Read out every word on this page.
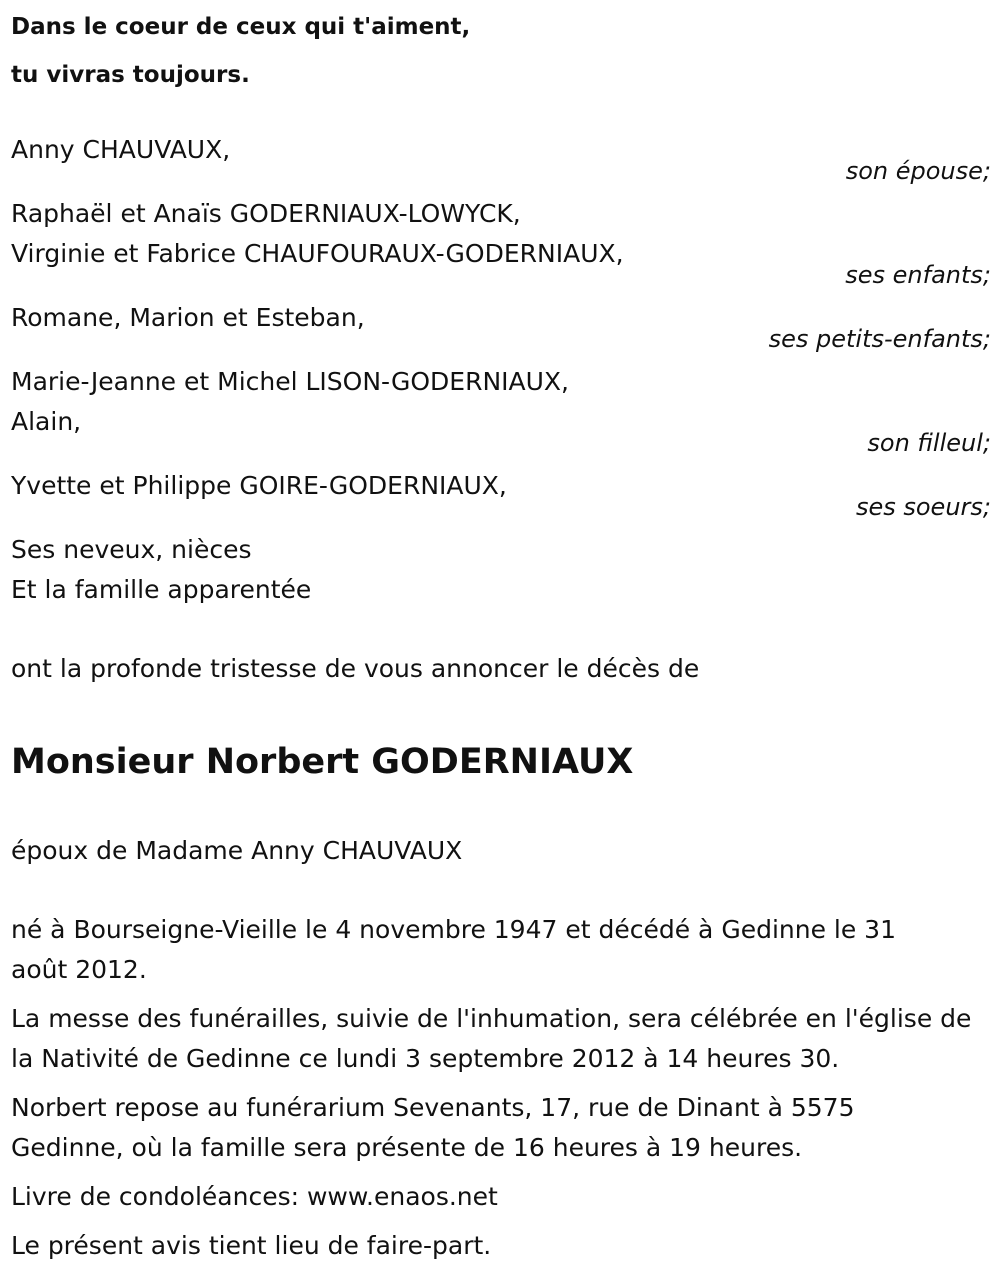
Dans le coeur de ceux qui t'aiment,
tu vivras toujours.
Anny CHAUVAUX,
son épouse;
Raphaël et Anaïs GODERNIAUX-LOWYCK,
Virginie et Fabrice CHAUFOURAUX-GODERNIAUX,
ses enfants;
Romane, Marion et Esteban,
ses petits-enfants;
Marie-Jeanne et Michel LISON-GODERNIAUX,
Alain,
son filleul;
Yvette et Philippe GOIRE-GODERNIAUX,
ses soeurs;
Ses neveux, nièces
Et la famille apparentée
ont la profonde tristesse de vous annoncer le décès de
Monsieur Norbert GODERNIAUX
époux de Madame Anny CHAUVAUX

né à Bourseigne-Vieille le 4 novembre 1947 et décédé à Gedinne le 31 août 2012.

La messe des funérailles, suivie de l'inhumation, sera célébrée en l'église de la Nativité de Gedinne ce lundi 3 septembre 2012 à 14 heures 30.

Norbert repose au funérarium Sevenants, 17, rue de Dinant à 5575 Gedinne, où la famille sera présente de 16 heures à 19 heures.

Livre de condoléances: www.enaos.net

Le présent avis tient lieu de faire-part.
